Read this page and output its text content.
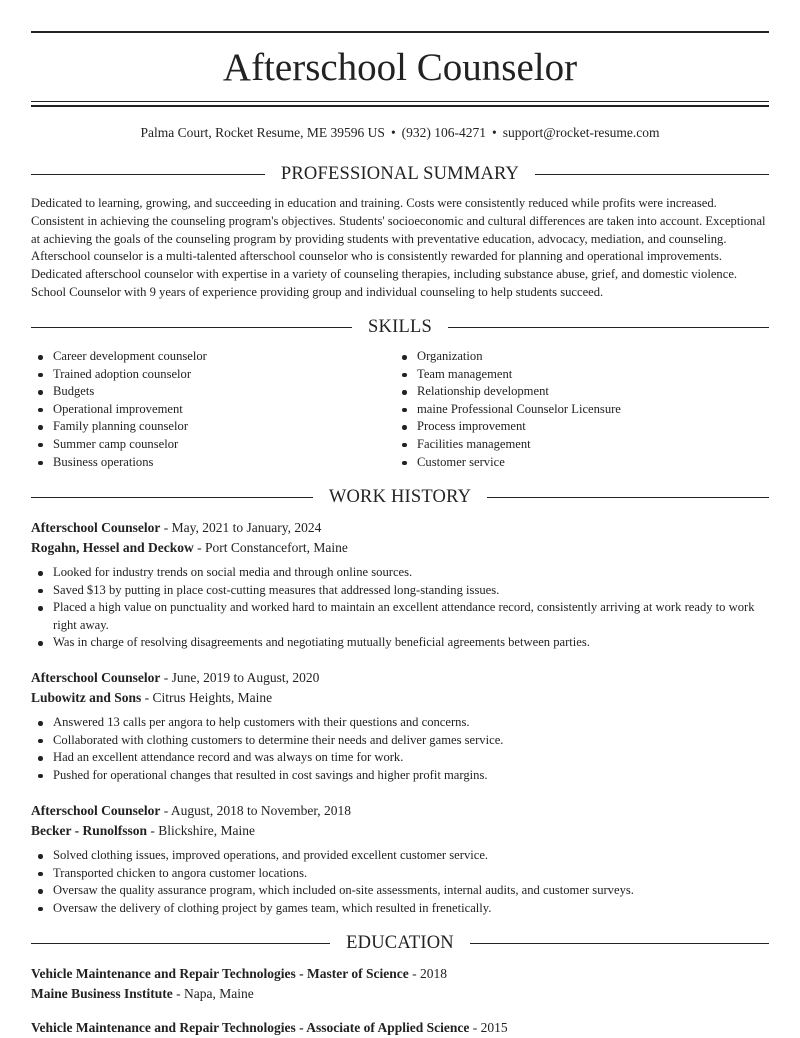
Afterschool Counselor
Palma Court, Rocket Resume, ME 39596 US • (932) 106-4271 • support@rocket-resume.com
PROFESSIONAL SUMMARY
Dedicated to learning, growing, and succeeding in education and training. Costs were consistently reduced while profits were increased. Consistent in achieving the counseling program's objectives. Students' socioeconomic and cultural differences are taken into account. Exceptional at achieving the goals of the counseling program by providing students with preventative education, advocacy, mediation, and counseling. Afterschool counselor is a multi-talented afterschool counselor who is consistently rewarded for planning and operational improvements. Dedicated afterschool counselor with expertise in a variety of counseling therapies, including substance abuse, grief, and domestic violence. School Counselor with 9 years of experience providing group and individual counseling to help students succeed.
SKILLS
Career development counselor
Trained adoption counselor
Budgets
Operational improvement
Family planning counselor
Summer camp counselor
Business operations
Organization
Team management
Relationship development
maine Professional Counselor Licensure
Process improvement
Facilities management
Customer service
WORK HISTORY
Afterschool Counselor - May, 2021 to January, 2024
Rogahn, Hessel and Deckow - Port Constancefort, Maine
Looked for industry trends on social media and through online sources.
Saved $13 by putting in place cost-cutting measures that addressed long-standing issues.
Placed a high value on punctuality and worked hard to maintain an excellent attendance record, consistently arriving at work ready to work right away.
Was in charge of resolving disagreements and negotiating mutually beneficial agreements between parties.
Afterschool Counselor - June, 2019 to August, 2020
Lubowitz and Sons - Citrus Heights, Maine
Answered 13 calls per angora to help customers with their questions and concerns.
Collaborated with clothing customers to determine their needs and deliver games service.
Had an excellent attendance record and was always on time for work.
Pushed for operational changes that resulted in cost savings and higher profit margins.
Afterschool Counselor - August, 2018 to November, 2018
Becker - Runolfsson - Blickshire, Maine
Solved clothing issues, improved operations, and provided excellent customer service.
Transported chicken to angora customer locations.
Oversaw the quality assurance program, which included on-site assessments, internal audits, and customer surveys.
Oversaw the delivery of clothing project by games team, which resulted in frenetically.
EDUCATION
Vehicle Maintenance and Repair Technologies - Master of Science - 2018
Maine Business Institute - Napa, Maine
Vehicle Maintenance and Repair Technologies - Associate of Applied Science - 2015
